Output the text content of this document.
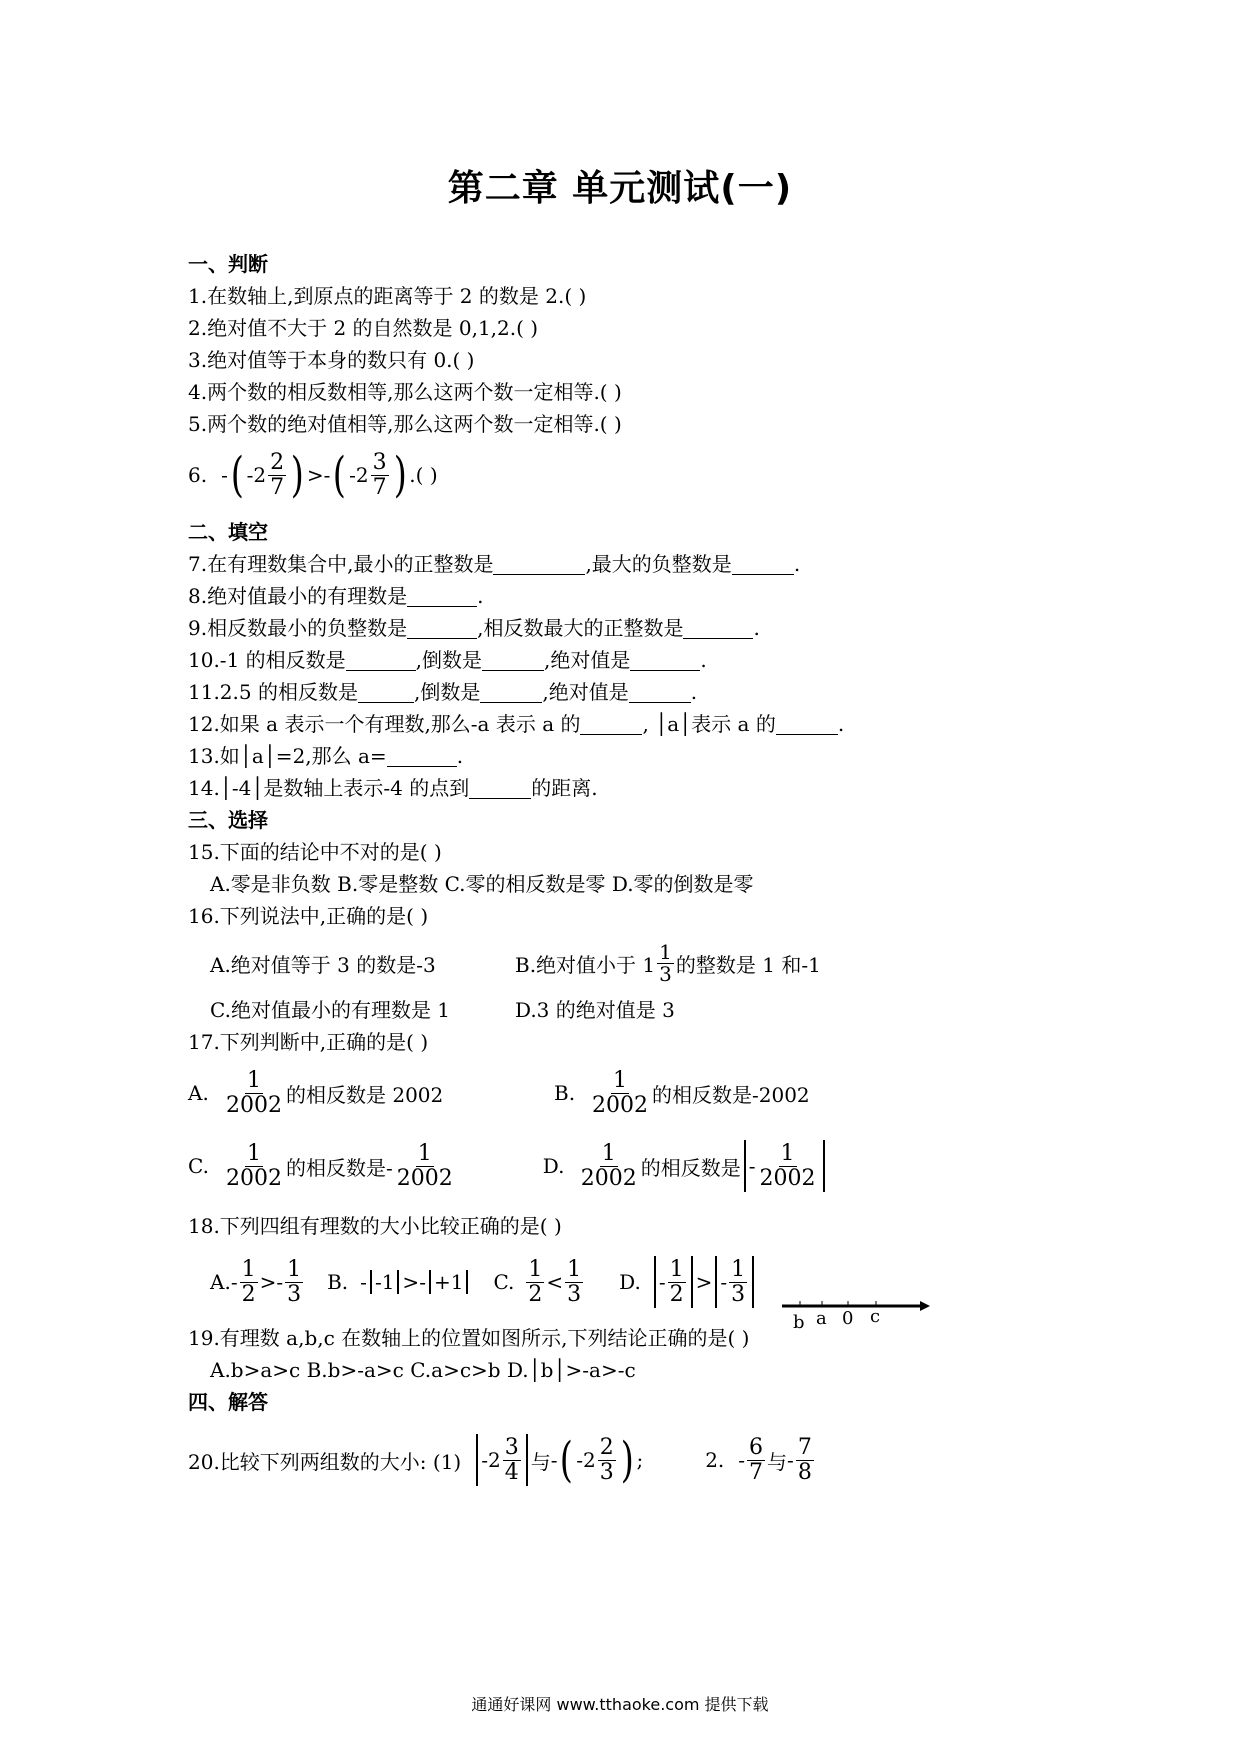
第二章 单元测试(一)
一、判断
1.在数轴上,到原点的距离等于 2 的数是 2.( )
2.绝对值不大于 2 的自然数是 0,1,2.( )
3.绝对值等于本身的数只有 0.( )
4.两个数的相反数相等,那么这两个数一定相等.( )
5.两个数的绝对值相等,那么这两个数一定相等.( )
6. - ( $-2 \frac{2}{7}$ ) > - ( $-2 \frac{3}{7}$ ) .( )
二、填空
7.在有理数集合中,最小的正整数是	,最大的负整数是	.
8.绝对值最小的有理数是	.
9.相反数最小的负整数是	,相反数最大的正整数是	.
10.-1 的相反数是	,倒数是	,绝对值是	.
11.2.5 的相反数是	,倒数是	,绝对值是	.
12.如果 a 表示一个有理数,那么-a 表示 a 的	, │a│表示 a 的	.
13.如│a│=2,那么 a=	.
14.│-4│是数轴上表示-4 的点到	的距离.
三、选择
15.下面的结论中不对的是( )
A.零是非负数 B.零是整数 C.零的相反数是零 D.零的倒数是零
16.下列说法中,正确的是( )
A.绝对值等于 3 的数是-3	B.绝对值小于 $1 \frac{1}{3}$ 的整数是 1 和-1
C.绝对值最小的有理数是 1	D.3 的绝对值是 3
17.下列判断中,正确的是( )
A. $\frac{1}{2002}$ 的相反数是 2002	B. $\frac{1}{2002}$ 的相反数是-2002
C. $\frac{1}{2002}$ 的相反数是- $\frac{1}{2002}$	D. $\frac{1}{2002}$ 的相反数是 - $\frac{1}{2002}$
18.下列四组有理数的大小比较正确的是( )
A. - $\frac{1}{2}$ > - $\frac{1}{3} B$. - -1 > - +1 C. $\frac{1}{2} < \frac{1}{3} D$. - $\frac{1}{2}$ > - $\frac{1}{3}$
19.有理数 a,b,c 在数轴上的位置如图所示,下列结论正确的是( )
A.b>a>c B.b>-a>c C.a>c>b D.│b│>-a>-c
四、解答
20.比较下列两组数的大小: (1) $-2 \frac{3}{4}$ 与 - ( $-2 \frac{2}{3}$ ) ;	2. - $\frac{6}{7}$ 与 - $\frac{7}{8}$
b a 0 c
通通好课网 www.tthaoke.com 提供下载
